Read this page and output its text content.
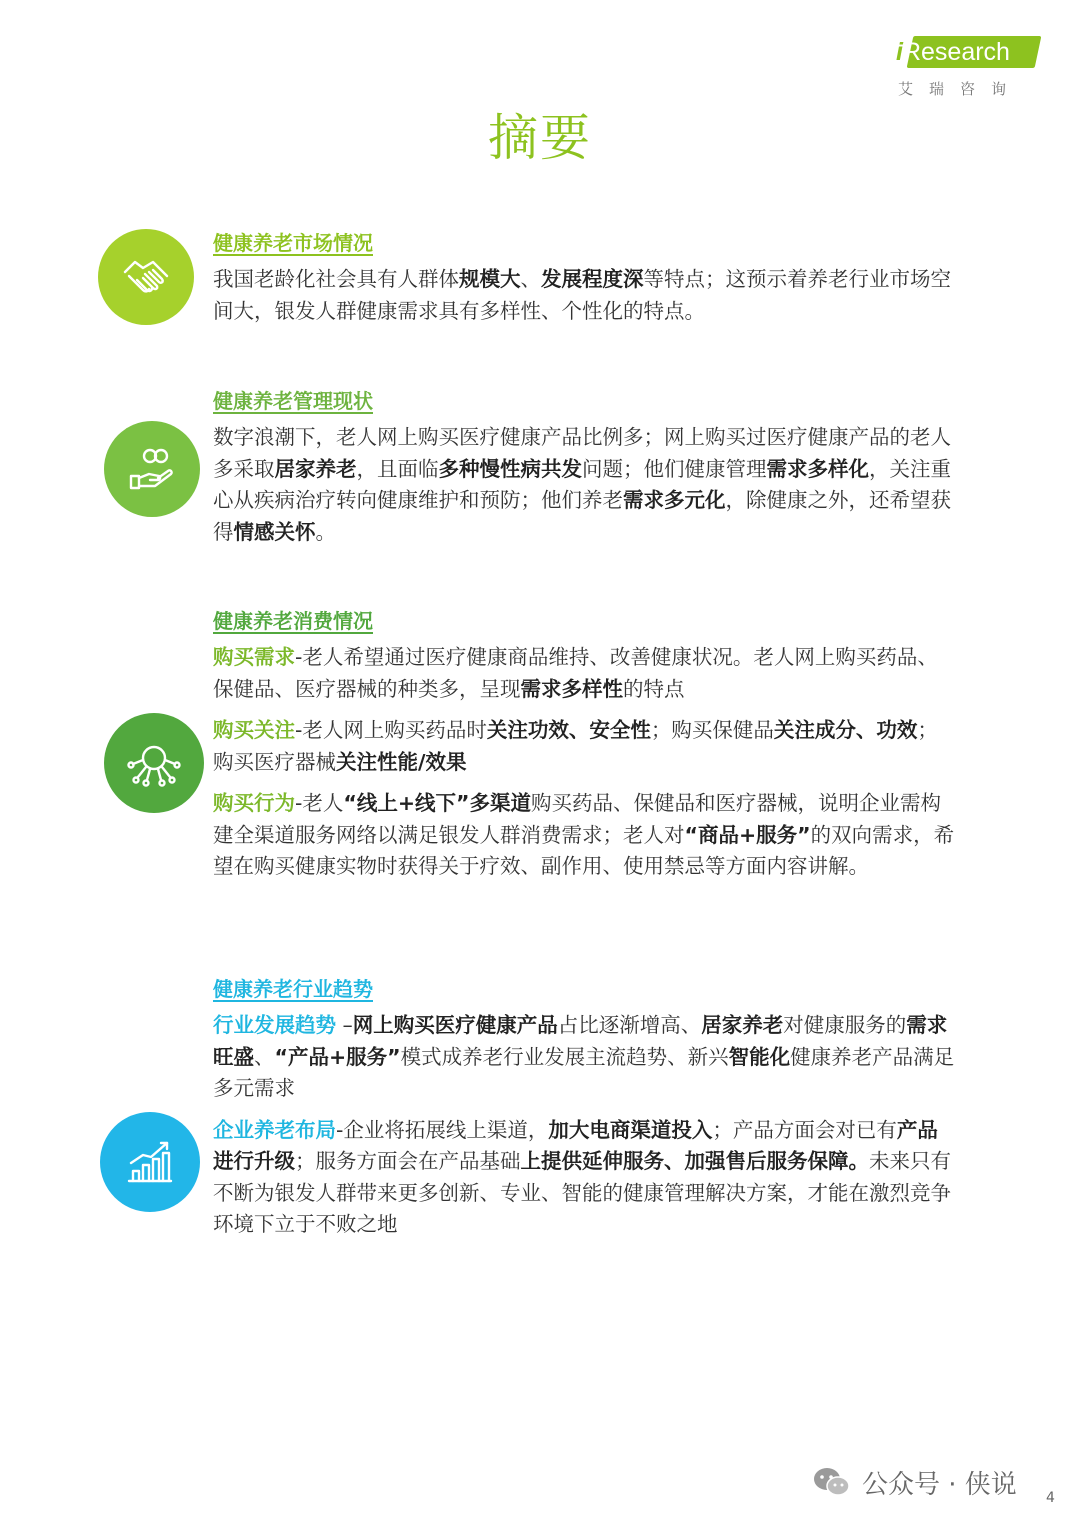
iResearch
艾瑞咨询
摘要
健康养老市场情况

我国老龄化社会具有人群体规模大、发展程度深等特点；这预示着养老行业市场空间大，银发人群健康需求具有多样性、个性化的特点。

健康养老管理现状

数字浪潮下，老人网上购买医疗健康产品比例多；网上购买过医疗健康产品的老人多采取居家养老，且面临多种慢性病共发问题；他们健康管理需求多样化，关注重心从疾病治疗转向健康维护和预防；他们养老需求多元化，除健康之外，还希望获得情感关怀。

健康养老消费情况

购买需求-老人希望通过医疗健康商品维持、改善健康状况。老人网上购买药品、保健品、医疗器械的种类多，呈现需求多样性的特点

购买关注-老人网上购买药品时关注功效、安全性；购买保健品关注成分、功效；购买医疗器械关注性能/效果

购买行为-老人“线上+线下”多渠道购买药品、保健品和医疗器械，说明企业需构建全渠道服务网络以满足银发人群消费需求；老人对“商品+服务”的双向需求，希望在购买健康实物时获得关于疗效、副作用、使用禁忌等方面内容讲解。

健康养老行业趋势

行业发展趋势 –网上购买医疗健康产品占比逐渐增高、居家养老对健康服务的需求旺盛、“产品+服务”模式成养老行业发展主流趋势、新兴智能化健康养老产品满足多元需求

企业养老布局-企业将拓展线上渠道，加大电商渠道投入；产品方面会对已有产品进行升级；服务方面会在产品基础上提供延伸服务、加强售后服务保障。未来只有不断为银发人群带来更多创新、专业、智能的健康管理解决方案，才能在激烈竞争环境下立于不败之地

公众号 · 侠说 4
